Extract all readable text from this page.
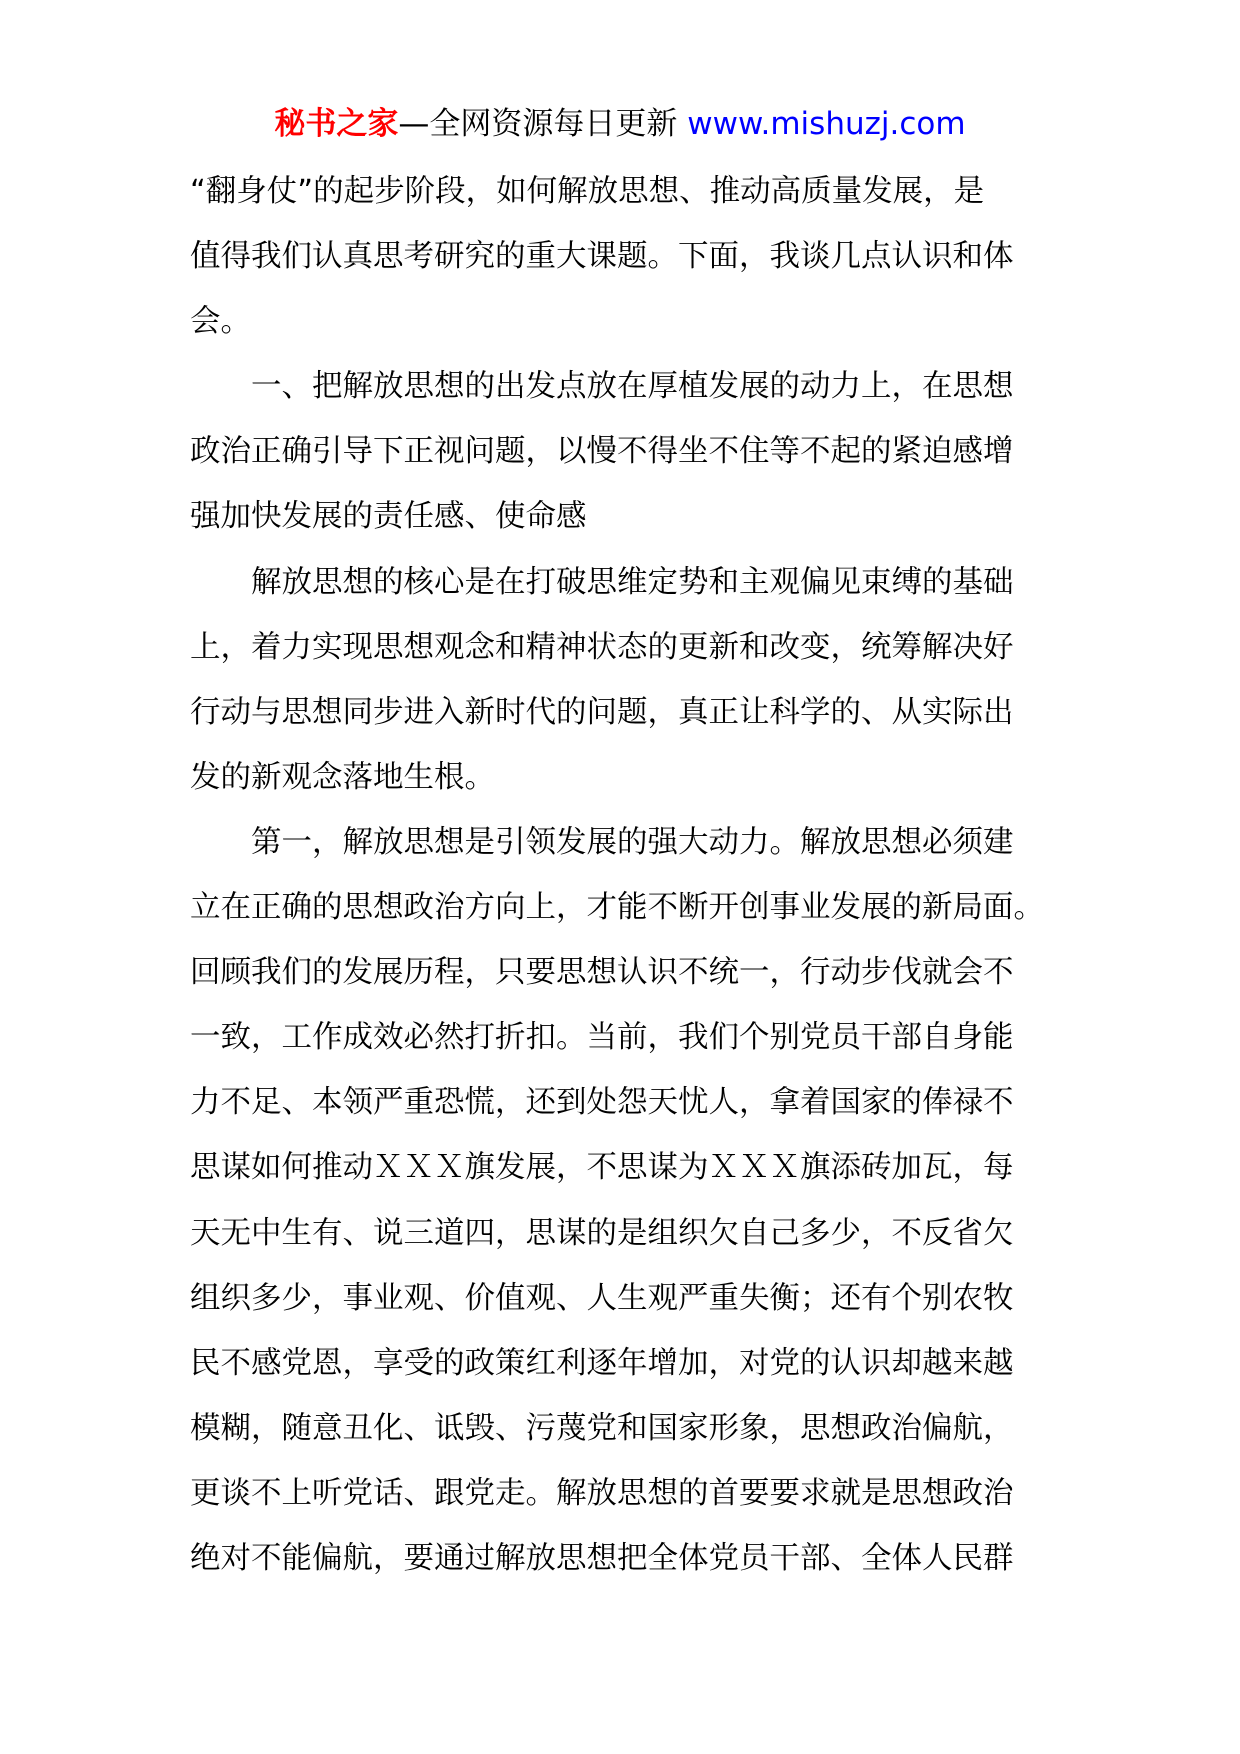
秘书之家—全网资源每日更新 www.mishuzj.com
“翻身仗”的起步阶段，如何解放思想、推动高质量发展，是
值得我们认真思考研究的重大课题。下面，我谈几点认识和体
会。
一、把解放思想的出发点放在厚植发展的动力上，在思想
政治正确引导下正视问题，以慢不得坐不住等不起的紧迫感增
强加快发展的责任感、使命感
解放思想的核心是在打破思维定势和主观偏见束缚的基础
上，着力实现思想观念和精神状态的更新和改变，统筹解决好
行动与思想同步进入新时代的问题，真正让科学的、从实际出
发的新观念落地生根。
第一，解放思想是引领发展的强大动力。解放思想必须建
立在正确的思想政治方向上，才能不断开创事业发展的新局面。
回顾我们的发展历程，只要思想认识不统一，行动步伐就会不
一致，工作成效必然打折扣。当前，我们个别党员干部自身能
力不足、本领严重恐慌，还到处怨天忧人，拿着国家的俸禄不
思谋如何推动ＸＸＸ旗发展，不思谋为ＸＸＸ旗添砖加瓦，每
天无中生有、说三道四，思谋的是组织欠自己多少，不反省欠
组织多少，事业观、价值观、人生观严重失衡；还有个别农牧
民不感党恩，享受的政策红利逐年增加，对党的认识却越来越
模糊，随意丑化、诋毁、污蔑党和国家形象，思想政治偏航，
更谈不上听党话、跟党走。解放思想的首要要求就是思想政治
绝对不能偏航，要通过解放思想把全体党员干部、全体人民群
